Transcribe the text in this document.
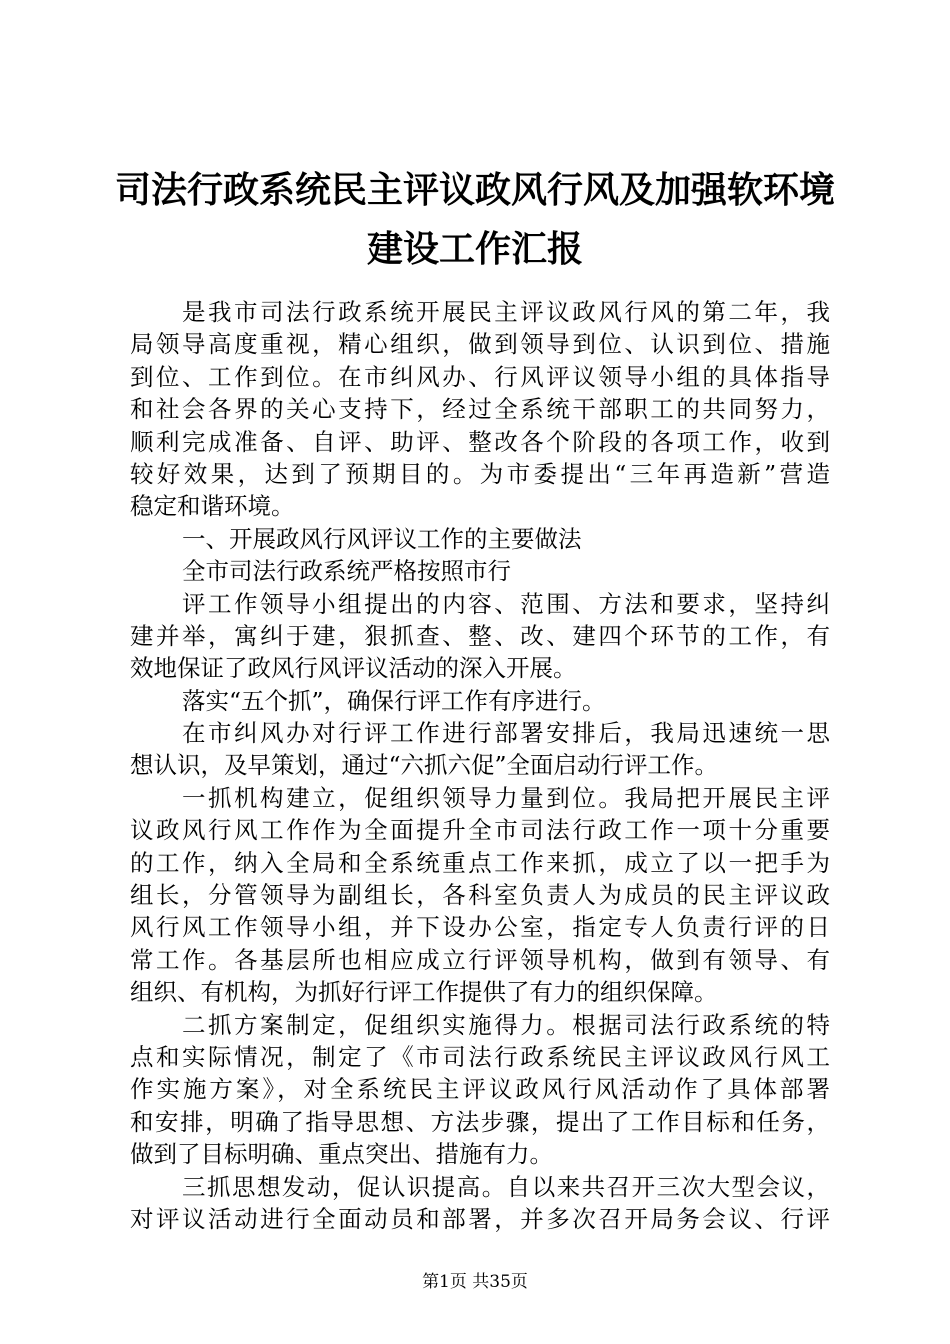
司法行政系统民主评议政风行风及加强软环境
建设工作汇报
是我市司法行政系统开展民主评议政风行风的第二年，我
局领导高度重视，精心组织，做到领导到位、认识到位、措施
到位、工作到位。在市纠风办、行风评议领导小组的具体指导
和社会各界的关心支持下，经过全系统干部职工的共同努力，
顺利完成准备、自评、助评、整改各个阶段的各项工作，收到
较好效果，达到了预期目的。为市委提出“三年再造新”营造
稳定和谐环境。
一、开展政风行风评议工作的主要做法
全市司法行政系统严格按照市行
评工作领导小组提出的内容、范围、方法和要求，坚持纠
建并举，寓纠于建，狠抓查、整、改、建四个环节的工作，有
效地保证了政风行风评议活动的深入开展。
落实“五个抓”，确保行评工作有序进行。
在市纠风办对行评工作进行部署安排后，我局迅速统一思
想认识，及早策划，通过“六抓六促”全面启动行评工作。
一抓机构建立，促组织领导力量到位。我局把开展民主评
议政风行风工作作为全面提升全市司法行政工作一项十分重要
的工作，纳入全局和全系统重点工作来抓，成立了以一把手为
组长，分管领导为副组长，各科室负责人为成员的民主评议政
风行风工作领导小组，并下设办公室，指定专人负责行评的日
常工作。各基层所也相应成立行评领导机构，做到有领导、有
组织、有机构，为抓好行评工作提供了有力的组织保障。
二抓方案制定，促组织实施得力。根据司法行政系统的特
点和实际情况，制定了《市司法行政系统民主评议政风行风工
作实施方案》，对全系统民主评议政风行风活动作了具体部署
和安排，明确了指导思想、方法步骤，提出了工作目标和任务，
做到了目标明确、重点突出、措施有力。
三抓思想发动，促认识提高。自以来共召开三次大型会议，
对评议活动进行全面动员和部署，并多次召开局务会议、行评
第1页 共35页
